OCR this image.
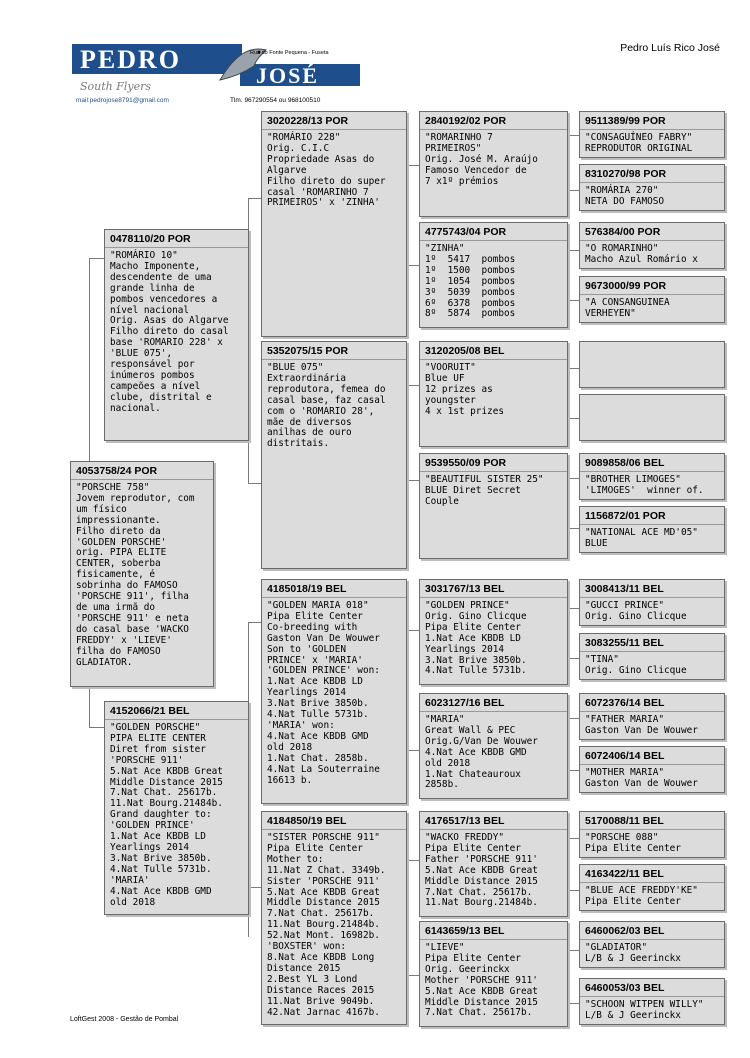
PEDRO
JOSÉ
Rua do Fonte Pequena - Fuseta
South Flyers
mail:pedrojose8791@gmail.com	Tlm. 967290554 ou 968100510
Pedro Luís Rico José
4053758/24 POR
"PORSCHE 758"
Jovem reprodutor, com
um físico
impressionante.
Filho direto da
'GOLDEN PORSCHE'
orig. PIPA ELITE
CENTER, soberba
fisicamente, é
sobrinha do FAMOSO
'PORSCHE 911', filha
de uma irmã do
'PORSCHE 911' e neta
do casal base 'WACKO
FREDDY' x 'LIEVE'
filha do FAMOSO
GLADIATOR.
0478110/20 POR
"ROMÁRIO 10"
Macho Imponente,
descendente de uma
grande linha de
pombos vencedores a
nível nacional
Orig. Asas do Algarve
Filho direto do casal
base 'ROMARIO 228' x
'BLUE 075',
responsável por
inúmeros pombos
campeões a nível
clube, distrital e
nacional.
4152066/21 BEL
"GOLDEN PORSCHE"
PIPA ELITE CENTER
Diret from sister
'PORSCHE 911'
5.Nat Ace KBDB Great
Middle Distance 2015
7.Nat Chat. 25617b.
11.Nat Bourg.21484b.
Grand daughter to:
'GOLDEN PRINCE'
1.Nat Ace KBDB LD
Yearlings 2014
3.Nat Brive 3850b.
4.Nat Tulle 5731b.
'MARIA'
4.Nat Ace KBDB GMD
old 2018
3020228/13 POR
"ROMÁRIO 228"
Orig. C.I.C
Propriedade Asas do
Algarve
Filho direto do super
casal 'ROMARINHO 7
PRIMEIROS' x 'ZINHA'
5352075/15 POR
"BLUE 075"
Extraordinária
reprodutora, femea do
casal base, faz casal
com o 'ROMARIO 28',
mãe de diversos
anilhas de ouro
distritais.
4185018/19 BEL
"GOLDEN MARIA 018"
Pipa Elite Center
Co-breeding with
Gaston Van De Wouwer
Son to 'GOLDEN
PRINCE' x 'MARIA'
'GOLDEN PRINCE' won:
1.Nat Ace KBDB LD
Yearlings 2014
3.Nat Brive 3850b.
4.Nat Tulle 5731b.
'MARIA' won:
4.Nat Ace KBDB GMD
old 2018
1.Nat Chat. 2858b.
4.Nat La Souterraine
16613 b.
4184850/19 BEL
"SISTER PORSCHE 911"
Pipa Elite Center
Mother to:
11.Nat Z Chat. 3349b.
Sister 'PORSCHE 911'
5.Nat Ace KBDB Great
Middle Distance 2015
7.Nat Chat. 25617b.
11.Nat Bourg.21484b.
52.Nat Mont. 16982b.
'BOXSTER' won:
8.Nat Ace KBDB Long
Distance 2015
2.Best YL 3 Lond
Distance Races 2015
11.Nat Brive 9049b.
42.Nat Jarnac 4167b.
2840192/02 POR
"ROMARINHO 7
PRIMEIROS"
Orig. José M. Araújo
Famoso Vencedor de
7 x1º prémios
4775743/04 POR
"ZINHA"
1º  5417  pombos
1º  1500  pombos
1º  1054  pombos
3º  5039  pombos
6º  6378  pombos
8º  5874  pombos
3120205/08 BEL
"VOORUIT"
Blue UF
12 prizes as
youngster
4 x 1st prizes
9539550/09 POR
"BEAUTIFUL SISTER 25"
BLUE Diret Secret
Couple
3031767/13 BEL
"GOLDEN PRINCE"
Orig. Gino Clicque
Pipa Elite Center
1.Nat Ace KBDB LD
Yearlings 2014
3.Nat Brive 3850b.
4.Nat Tulle 5731b.
6023127/16 BEL
"MARIA"
Great Wall & PEC
Orig.G/Van De Wouwer
4.Nat Ace KBDB GMD
old 2018
1.Nat Chateauroux
2858b.
4176517/13 BEL
"WACKO FREDDY"
Pipa Elite Center
Father 'PORSCHE 911'
5.Nat Ace KBDB Great
Middle Distance 2015
7.Nat Chat. 25617b.
11.Nat Bourg.21484b.
6143659/13 BEL
"LIEVE"
Pipa Elite Center
Orig. Geerinckx
Mother 'PORSCHE 911'
5.Nat Ace KBDB Great
Middle Distance 2015
7.Nat Chat. 25617b.
9511389/99 POR
"CONSAGUÍNEO FABRY"
REPRODUTOR ORIGINAL
8310270/98 POR
"ROMÁRIA 270"
NETA DO FAMOSO
576384/00 POR
"O ROMARINHO"
Macho Azul Romário x
9673000/99 POR
"A CONSANGUINEA
VERHEYEN"
9089858/06 BEL
"BROTHER LIMOGES"
'LIMOGES'  winner of.
1156872/01 POR
"NATIONAL ACE MD'05"
BLUE
3008413/11 BEL
"GUCCI PRINCE"
Orig. Gino Clicque
3083255/11 BEL
"TINA"
Orig. Gino Clicque
6072376/14 BEL
"FATHER MARIA"
Gaston Van De Wouwer
6072406/14 BEL
"MOTHER MARIA"
Gaston Van de Wouwer
5170088/11 BEL
"PORSCHE 088"
Pipa Elite Center
4163422/11 BEL
"BLUE ACE FREDDY'KE"
Pipa Elite Center
6460062/03 BEL
"GLADIATOR"
L/B & J Geerinckx
6460053/03 BEL
"SCHOON WITPEN WILLY"
L/B & J Geerinckx
LoftGest 2008 - Gestão de Pombal
